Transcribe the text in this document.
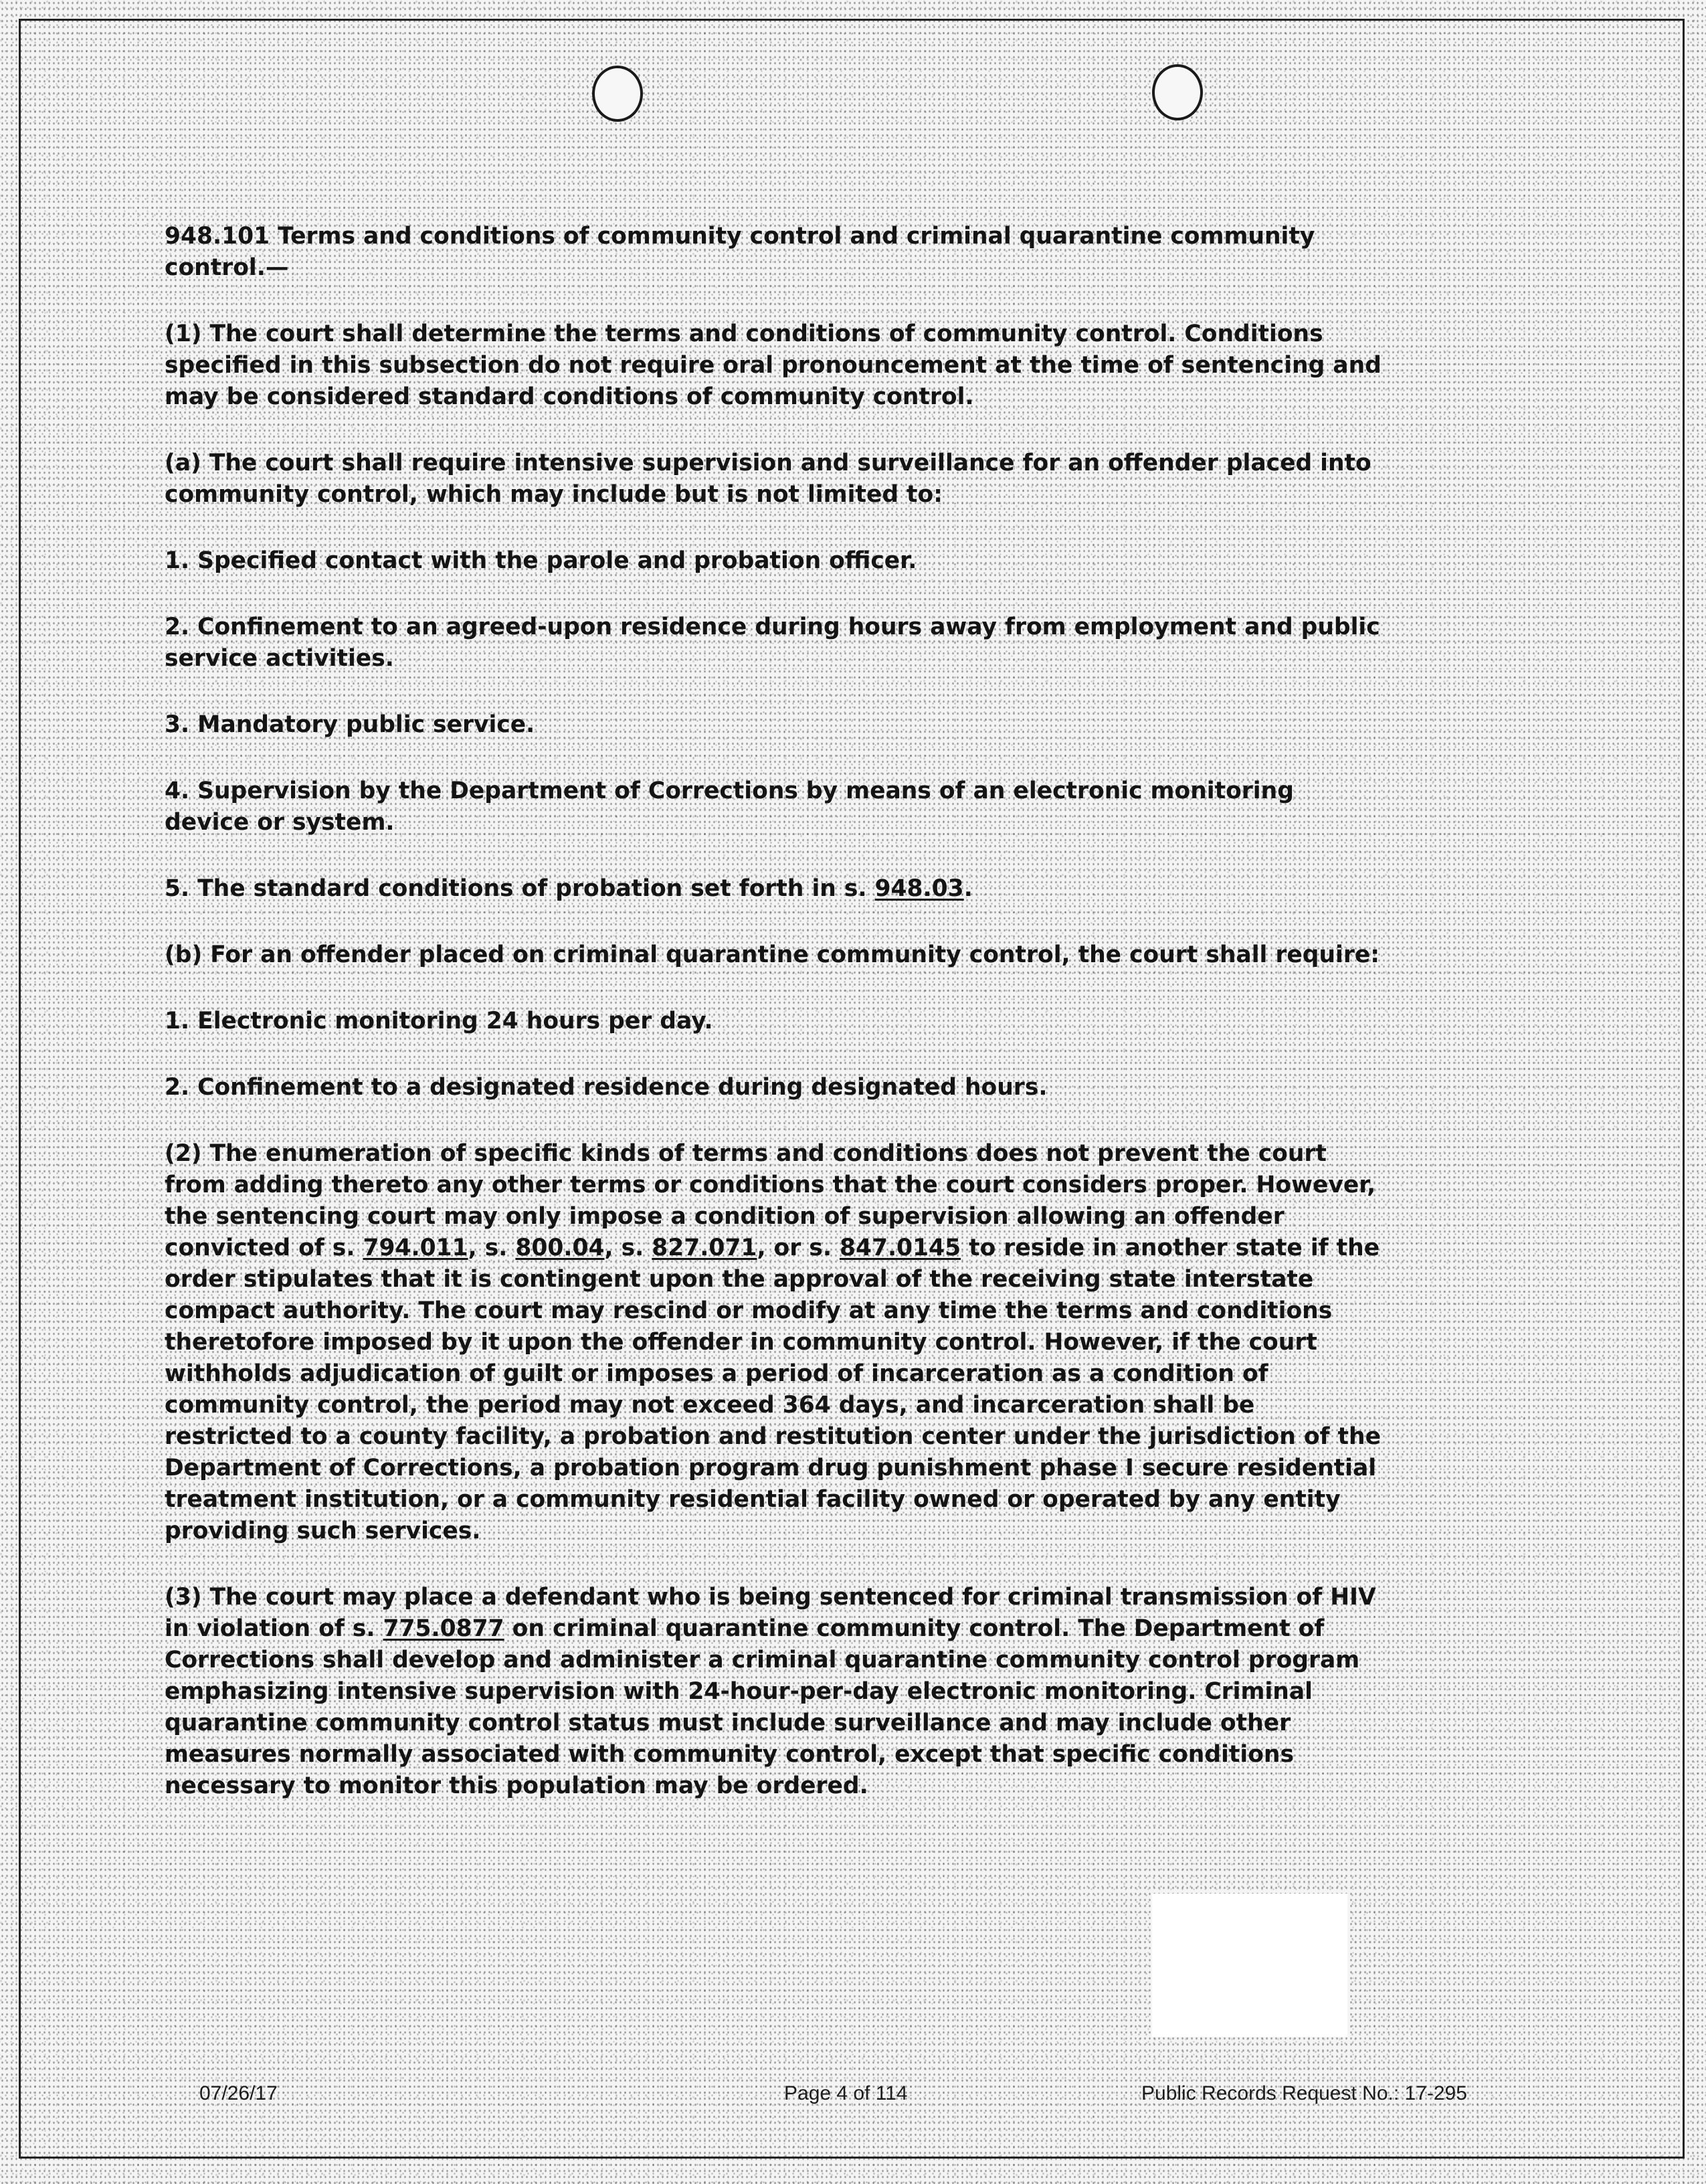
948.101 Terms and conditions of community control and criminal quarantine community control.—

(1) The court shall determine the terms and conditions of community control. Conditions specified in this subsection do not require oral pronouncement at the time of sentencing and may be considered standard conditions of community control.

(a) The court shall require intensive supervision and surveillance for an offender placed into community control, which may include but is not limited to:

1. Specified contact with the parole and probation officer.

2. Confinement to an agreed-upon residence during hours away from employment and public service activities.

3. Mandatory public service.

4. Supervision by the Department of Corrections by means of an electronic monitoring device or system.

5. The standard conditions of probation set forth in s. 948.03.

(b) For an offender placed on criminal quarantine community control, the court shall require:

1. Electronic monitoring 24 hours per day.

2. Confinement to a designated residence during designated hours.

(2) The enumeration of specific kinds of terms and conditions does not prevent the court from adding thereto any other terms or conditions that the court considers proper. However, the sentencing court may only impose a condition of supervision allowing an offender convicted of s. 794.011, s. 800.04, s. 827.071, or s. 847.0145 to reside in another state if the order stipulates that it is contingent upon the approval of the receiving state interstate compact authority. The court may rescind or modify at any time the terms and conditions theretofore imposed by it upon the offender in community control. However, if the court withholds adjudication of guilt or imposes a period of incarceration as a condition of community control, the period may not exceed 364 days, and incarceration shall be restricted to a county facility, a probation and restitution center under the jurisdiction of the Department of Corrections, a probation program drug punishment phase I secure residential treatment institution, or a community residential facility owned or operated by any entity providing such services.

(3) The court may place a defendant who is being sentenced for criminal transmission of HIV in violation of s. 775.0877 on criminal quarantine community control. The Department of Corrections shall develop and administer a criminal quarantine community control program emphasizing intensive supervision with 24-hour-per-day electronic monitoring. Criminal quarantine community control status must include surveillance and may include other measures normally associated with community control, except that specific conditions necessary to monitor this population may be ordered.

07/26/17	Page 4 of 114	Public Records Request No.: 17-295
